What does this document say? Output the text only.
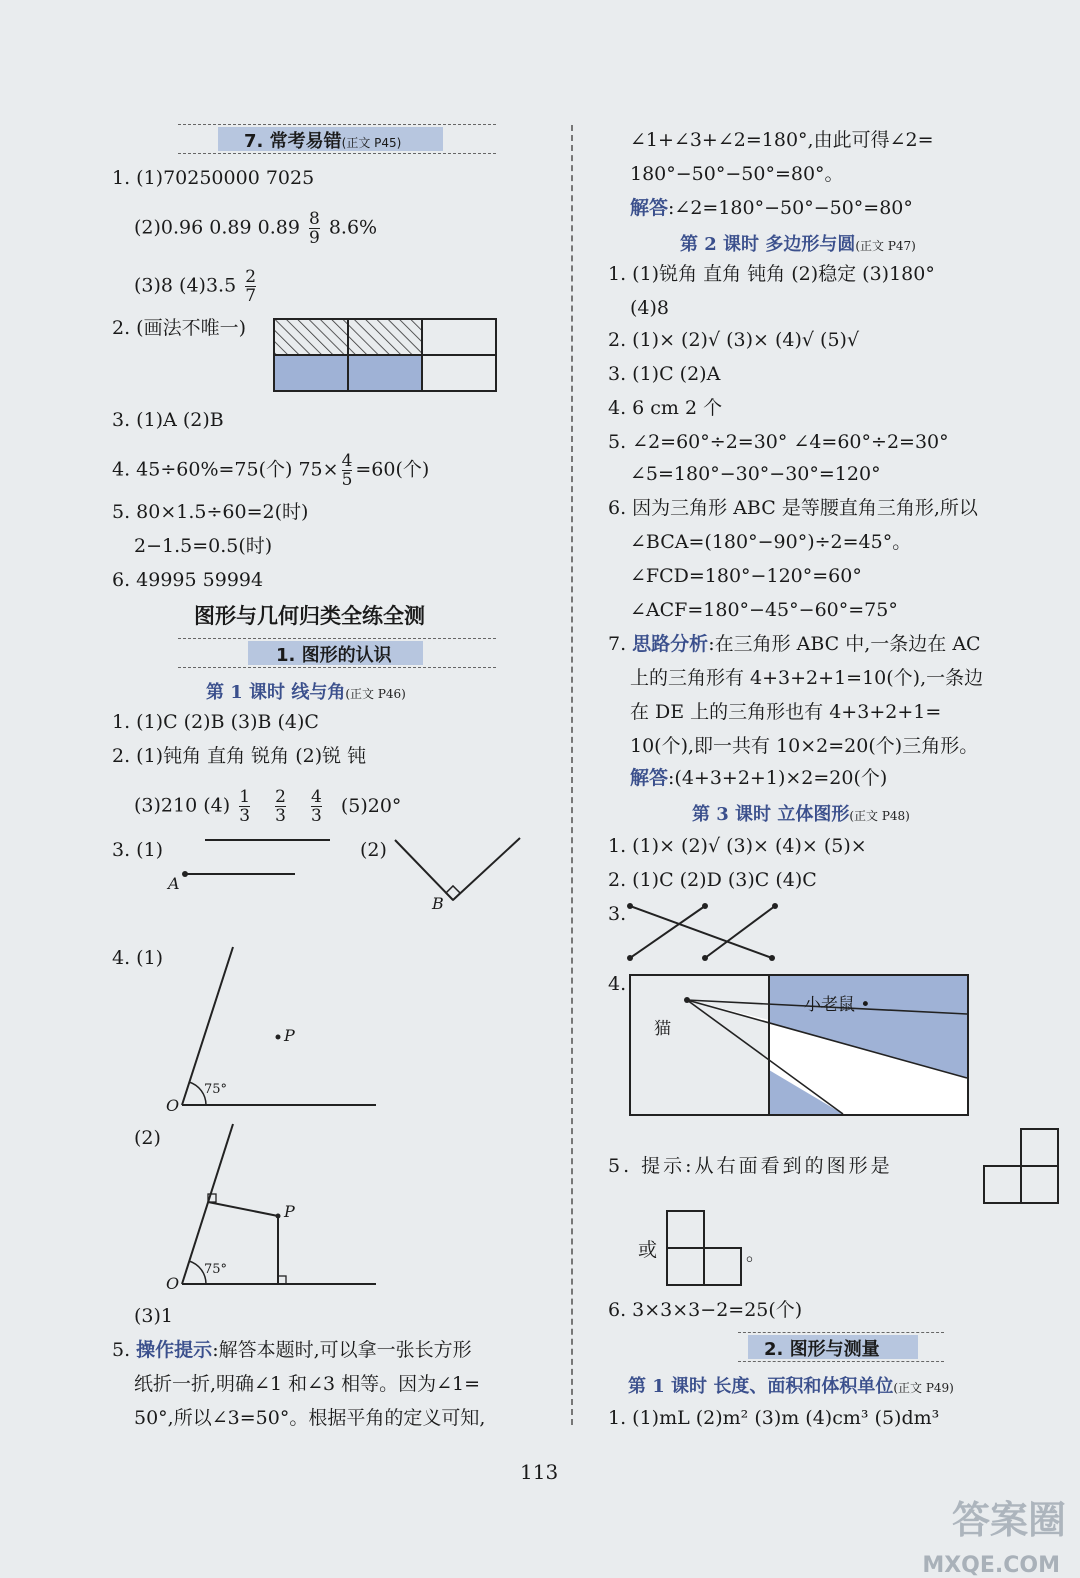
7. 常考易错(正文 P45)
1. (1)70250000 7025
(2)0.96 0.89 $0.89 \frac{8}{9} 8.6\%$
(3)8 $(4)3.5 \frac{2}{7}$
2. (画法不唯一)
3. (1)A (2)B
4. 45÷60%=75(个) $75\times \frac{4}{5} =60$(个)
5. 80×1.5÷60=2(时)
2−1.5=0.5(时)
6. 49995 59994
图形与几何归类全练全测
1. 图形的认识
第 1 课时 线与角(正文 P46)
1. (1)C (2)B (3)B (4)C
2. (1)钝角 直角 锐角 (2)锐 钝
(3)210 $(4) \frac{1}{3}$
$\frac{2}{3}$
$\frac{4}{3} (5)20^\circ$
3. (1)	(2)
A
B
4. (1)
O
P
75°
(2)
O
P
75°
(3)1
5. 操作提示:解答本题时,可以拿一张长方形
纸折一折,明确∠1 和∠3 相等。因为∠1=
50°,所以∠3=50°。根据平角的定义可知,
∠1+∠3+∠2=180°,由此可得∠2=
180°−50°−50°=80°。
解答:∠2=180°−50°−50°=80°
第 2 课时 多边形与圆(正文 P47)
1. (1)锐角 直角 钝角 (2)稳定 (3)180°
(4)8
2. (1)× (2)√ (3)× (4)√ (5)√
3. (1)C (2)A
4. 6 cm 2 个
5. ∠2=60°÷2=30° ∠4=60°÷2=30°
∠5=180°−30°−30°=120°
6. 因为三角形 ABC 是等腰直角三角形,所以
∠BCA=(180°−90°)÷2=45°。
∠FCD=180°−120°=60°
∠ACF=180°−45°−60°=75°
7. 思路分析:在三角形 ABC 中,一条边在 AC
上的三角形有 4+3+2+1=10(个),一条边
在 DE 上的三角形也有 4+3+2+1=
10(个),即一共有 10×2=20(个)三角形。
解答:(4+3+2+1)×2=20(个)
第 3 课时 立体图形(正文 P48)
1. (1)× (2)√ (3)× (4)× (5)×
2. (1)C (2)D (3)C (4)C
3.
4.
小老鼠 •
猫
5. 提示:从右面看到的图形是
或	。
6. 3×3×3−2=25(个)
2. 图形与测量
第 1 课时 长度、面积和体积单位(正文 P49)
1. (1)mL (2)m² (3)m (4)cm³ (5)dm³
113
答案圈
MXQE.COM
